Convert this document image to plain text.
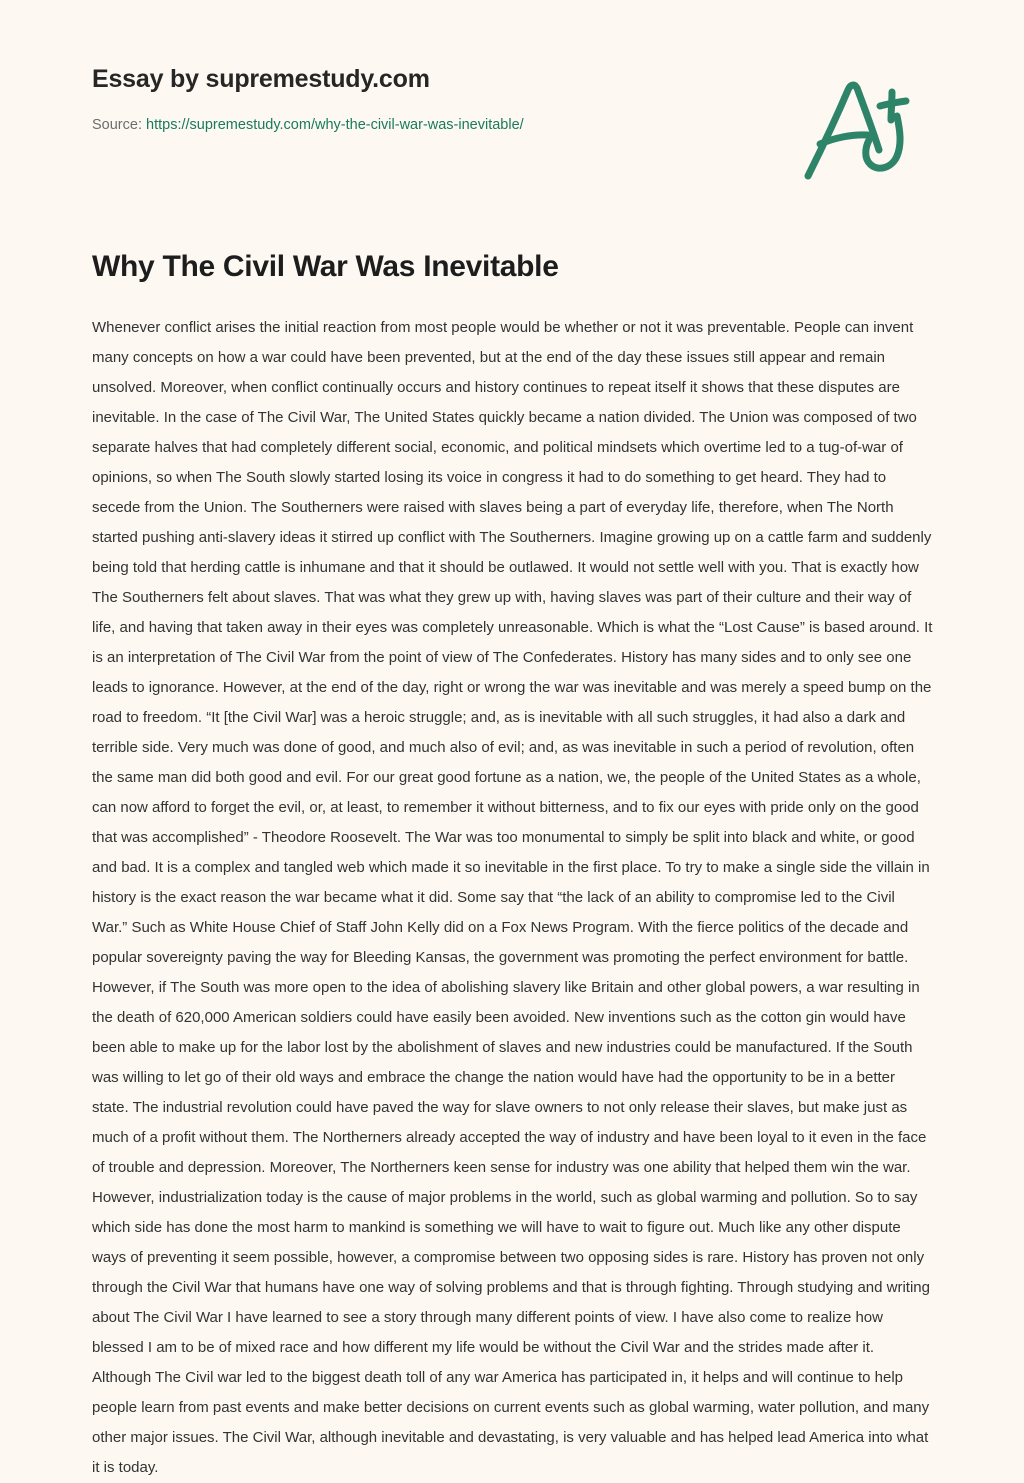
Essay by supremestudy.com
Source: https://supremestudy.com/why-the-civil-war-was-inevitable/
Why The Civil War Was Inevitable

Whenever conflict arises the initial reaction from most people would be whether or not it was preventable. People can invent many concepts on how a war could have been prevented, but at the end of the day these issues still appear and remain unsolved. Moreover, when conflict continually occurs and history continues to repeat itself it shows that these disputes are inevitable. In the case of The Civil War, The United States quickly became a nation divided. The Union was composed of two separate halves that had completely different social, economic, and political mindsets which overtime led to a tug-of-war of opinions, so when The South slowly started losing its voice in congress it had to do something to get heard. They had to secede from the Union. The Southerners were raised with slaves being a part of everyday life, therefore, when The North started pushing anti-slavery ideas it stirred up conflict with The Southerners. Imagine growing up on a cattle farm and suddenly being told that herding cattle is inhumane and that it should be outlawed. It would not settle well with you. That is exactly how The Southerners felt about slaves. That was what they grew up with, having slaves was part of their culture and their way of life, and having that taken away in their eyes was completely unreasonable. Which is what the “Lost Cause” is based around. It is an interpretation of The Civil War from the point of view of The Confederates. History has many sides and to only see one leads to ignorance. However, at the end of the day, right or wrong the war was inevitable and was merely a speed bump on the road to freedom. “It [the Civil War] was a heroic struggle; and, as is inevitable with all such struggles, it had also a dark and terrible side. Very much was done of good, and much also of evil; and, as was inevitable in such a period of revolution, often the same man did both good and evil. For our great good fortune as a nation, we, the people of the United States as a whole, can now afford to forget the evil, or, at least, to remember it without bitterness, and to fix our eyes with pride only on the good that was accomplished” - Theodore Roosevelt. The War was too monumental to simply be split into black and white, or good and bad. It is a complex and tangled web which made it so inevitable in the first place. To try to make a single side the villain in history is the exact reason the war became what it did. Some say that “the lack of an ability to compromise led to the Civil War.” Such as White House Chief of Staff John Kelly did on a Fox News Program. With the fierce politics of the decade and popular sovereignty paving the way for Bleeding Kansas, the government was promoting the perfect environment for battle. However, if The South was more open to the idea of abolishing slavery like Britain and other global powers, a war resulting in the death of 620,000 American soldiers could have easily been avoided. New inventions such as the cotton gin would have been able to make up for the labor lost by the abolishment of slaves and new industries could be manufactured. If the South was willing to let go of their old ways and embrace the change the nation would have had the opportunity to be in a better state. The industrial revolution could have paved the way for slave owners to not only release their slaves, but make just as much of a profit without them. The Northerners already accepted the way of industry and have been loyal to it even in the face of trouble and depression. Moreover, The Northerners keen sense for industry was one ability that helped them win the war. However, industrialization today is the cause of major problems in the world, such as global warming and pollution. So to say which side has done the most harm to mankind is something we will have to wait to figure out. Much like any other dispute ways of preventing it seem possible, however, a compromise between two opposing sides is rare. History has proven not only through the Civil War that humans have one way of solving problems and that is through fighting. Through studying and writing about The Civil War I have learned to see a story through many different points of view. I have also come to realize how blessed I am to be of mixed race and how different my life would be without the Civil War and the strides made after it. Although The Civil war led to the biggest death toll of any war America has participated in, it helps and will continue to help people learn from past events and make better decisions on current events such as global warming, water pollution, and many other major issues. The Civil War, although inevitable and devastating, is very valuable and has helped lead America into what it is today.
